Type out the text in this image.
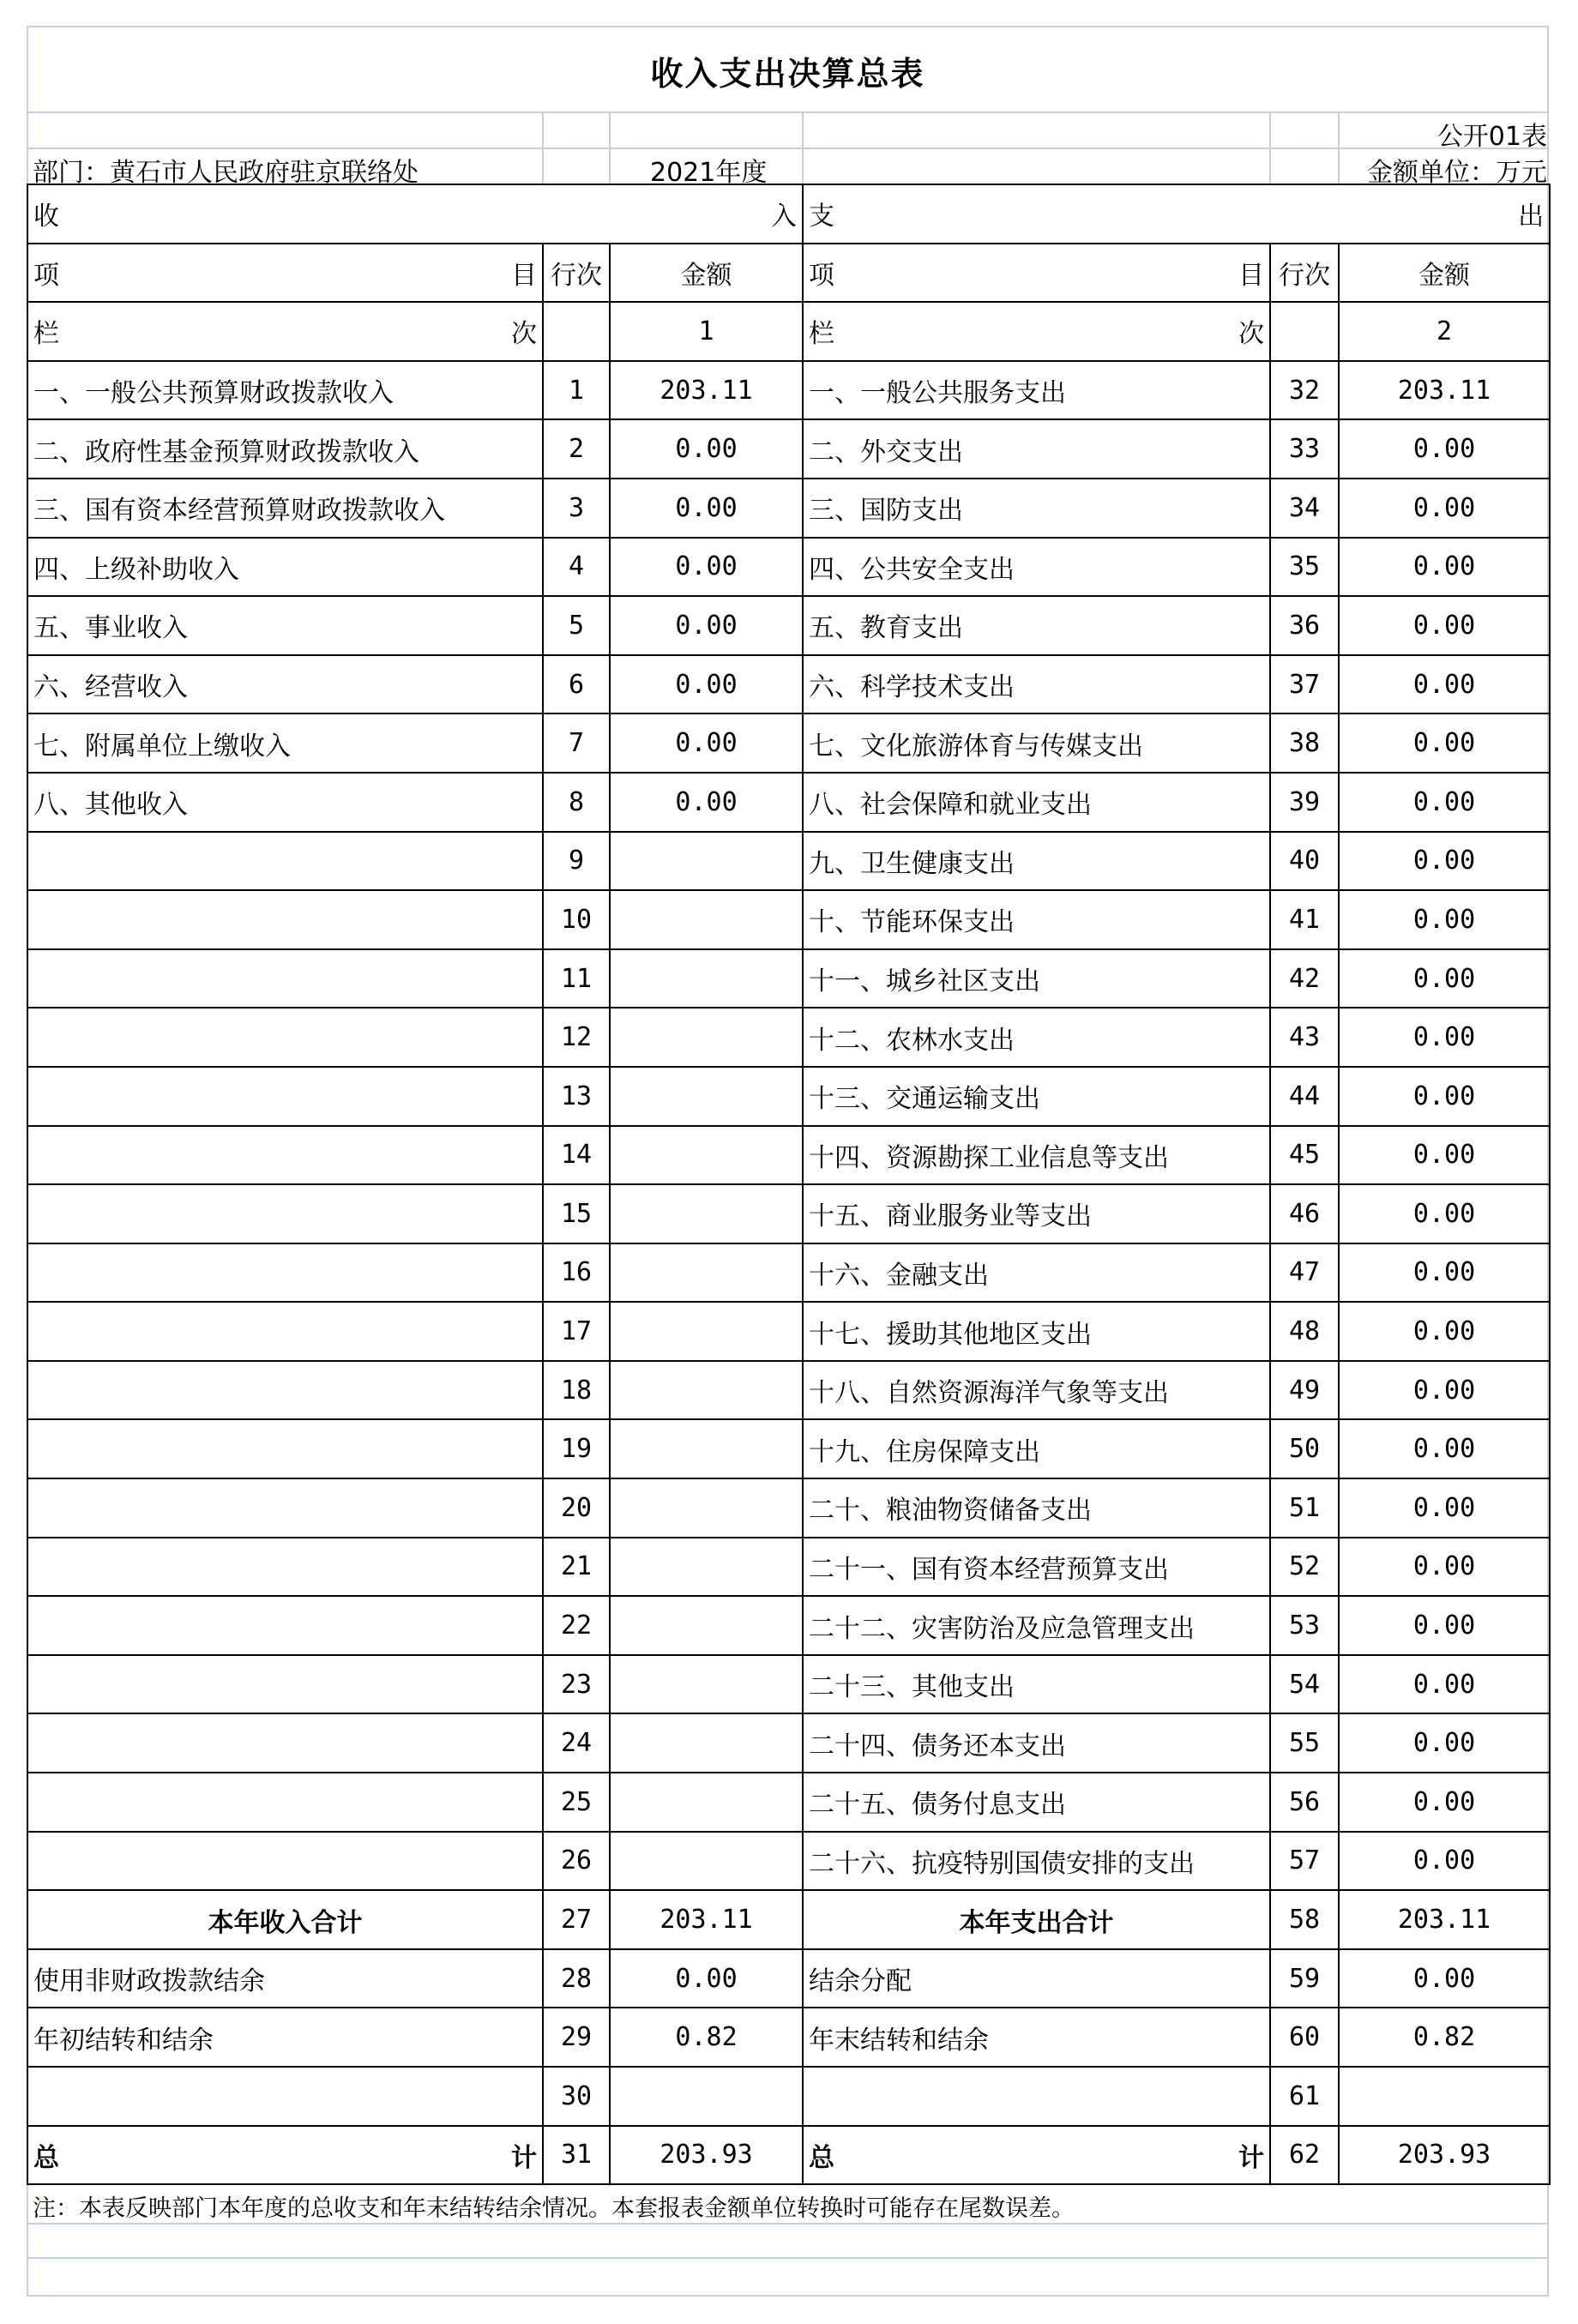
收入支出决算总表
公开01表
部门：黄石市人民政府驻京联络处	2021年度	金额单位：万元
收 入			支 出		

项 目	行次	金额	项 目	行次	金额

栏 次		1	栏 次		2
一、一般公共预算财政拨款收入	1	203.11	一、一般公共服务支出	32	203.11
二、政府性基金预算财政拨款收入	2	0.00	二、外交支出	33	0.00
三、国有资本经营预算财政拨款收入	3	0.00	三、国防支出	34	0.00
四、上级补助收入	4	0.00	四、公共安全支出	35	0.00
五、事业收入	5	0.00	五、教育支出	36	0.00
六、经营收入	6	0.00	六、科学技术支出	37	0.00
七、附属单位上缴收入	7	0.00	七、文化旅游体育与传媒支出	38	0.00
八、其他收入	8	0.00	八、社会保障和就业支出	39	0.00
	9		九、卫生健康支出	40	0.00
	10		十、节能环保支出	41	0.00
	11		十一、城乡社区支出	42	0.00
	12		十二、农林水支出	43	0.00
	13		十三、交通运输支出	44	0.00
	14		十四、资源勘探工业信息等支出	45	0.00
	15		十五、商业服务业等支出	46	0.00
	16		十六、金融支出	47	0.00
	17		十七、援助其他地区支出	48	0.00
	18		十八、自然资源海洋气象等支出	49	0.00
	19		十九、住房保障支出	50	0.00
	20		二十、粮油物资储备支出	51	0.00
	21		二十一、国有资本经营预算支出	52	0.00
	22		二十二、灾害防治及应急管理支出	53	0.00
	23		二十三、其他支出	54	0.00
	24		二十四、债务还本支出	55	0.00
	25		二十五、债务付息支出	56	0.00
	26		二十六、抗疫特别国债安排的支出	57	0.00
本年收入合计	27	203.11	本年支出合计	58	203.11
使用非财政拨款结余	28	0.00	结余分配	59	0.00
年初结转和结余	29	0.82	年末结转和结余	60	0.82
	30			61	

总 计	31	203.93	总 计	62	203.93
注：本表反映部门本年度的总收支和年末结转结余情况。本套报表金额单位转换时可能存在尾数误差。
